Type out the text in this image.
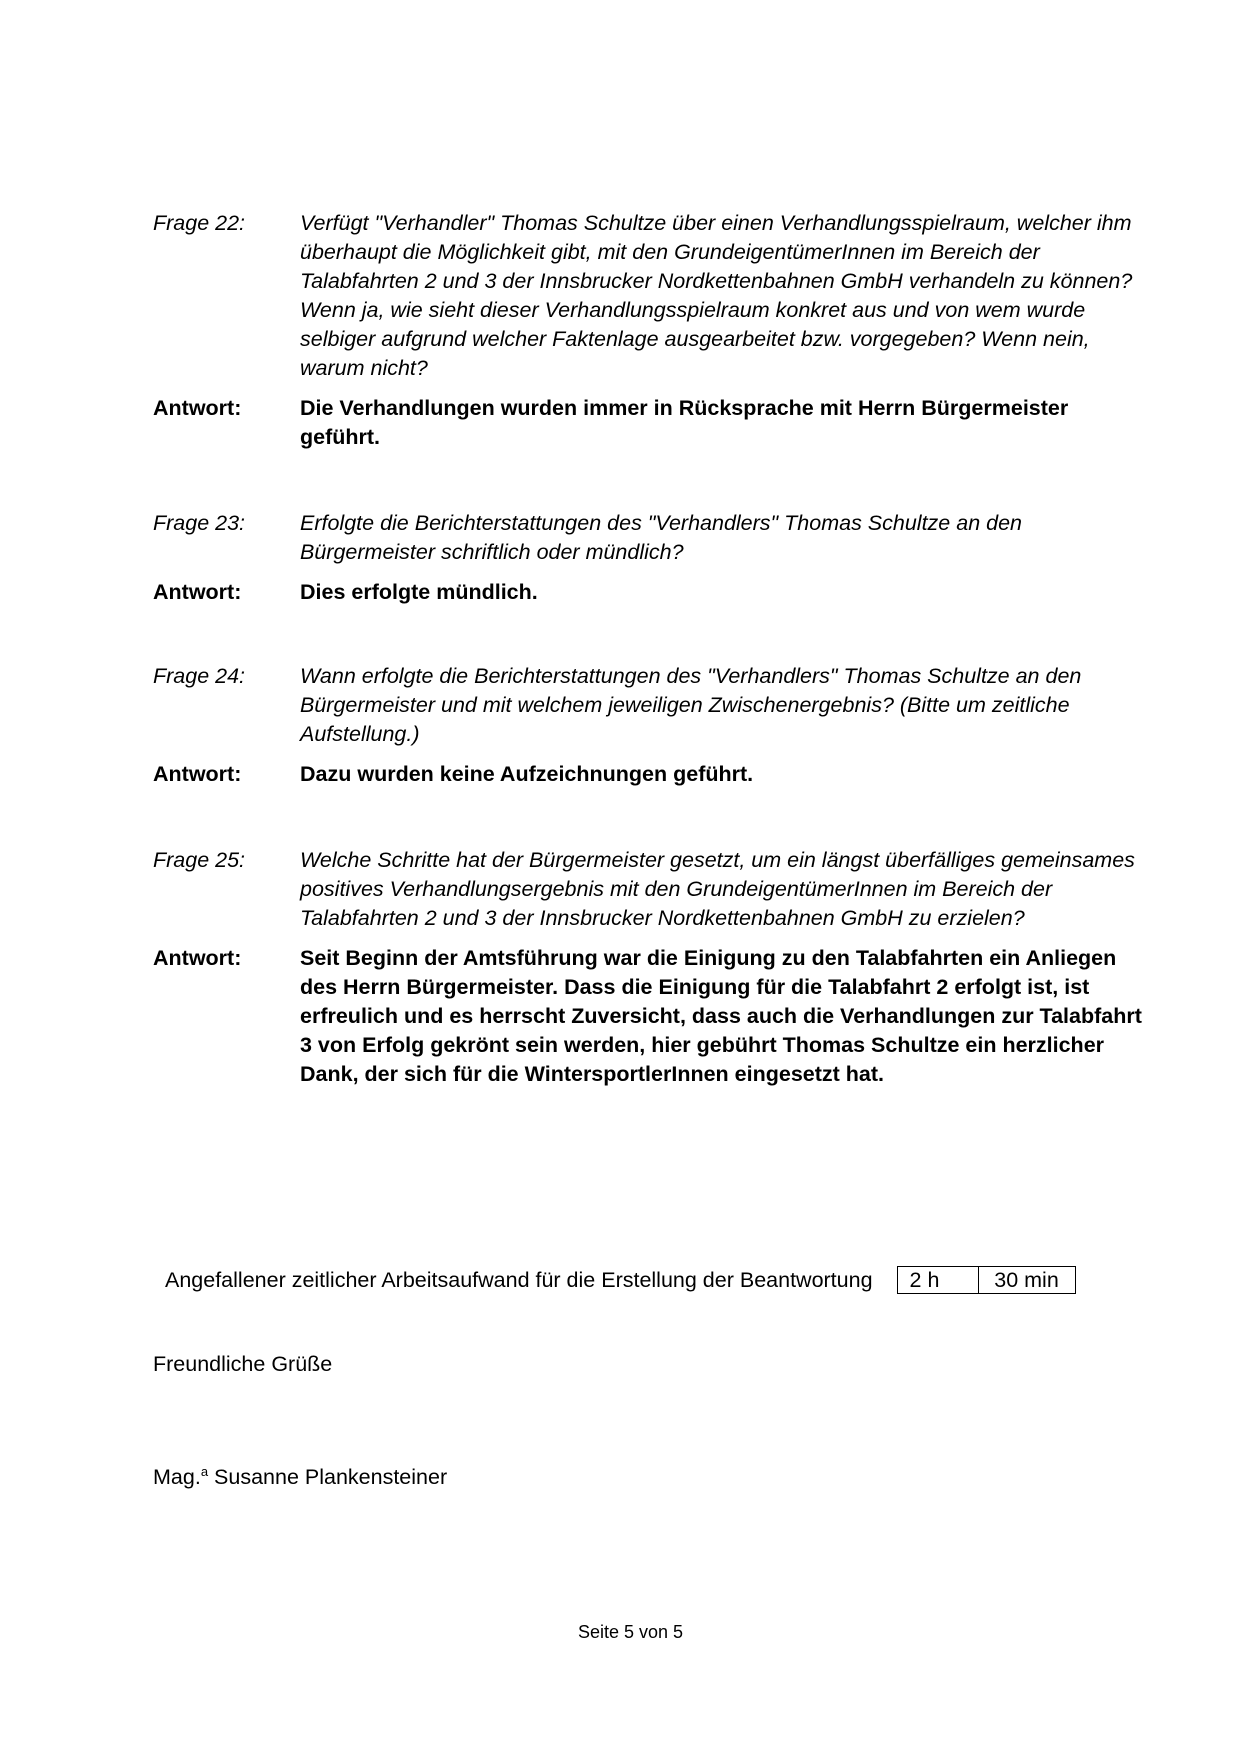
Frage 22:	Verfügt "Verhandler" Thomas Schultze über einen Verhandlungsspielraum, welcher ihm überhaupt die Möglichkeit gibt, mit den GrundeigentümerInnen im Bereich der Talabfahrten 2 und 3 der Innsbrucker Nordkettenbahnen GmbH verhandeln zu können? Wenn ja, wie sieht dieser Verhandlungsspielraum konkret aus und von wem wurde selbiger aufgrund welcher Faktenlage ausgearbeitet bzw. vorgegeben? Wenn nein, warum nicht?
Antwort:	Die Verhandlungen wurden immer in Rücksprache mit Herrn Bürgermeister geführt.
Frage 23:	Erfolgte die Berichterstattungen des "Verhandlers" Thomas Schultze an den Bürgermeister schriftlich oder mündlich?
Antwort:	Dies erfolgte mündlich.
Frage 24:	Wann erfolgte die Berichterstattungen des "Verhandlers" Thomas Schultze an den Bürgermeister und mit welchem jeweiligen Zwischenergebnis? (Bitte um zeitliche Aufstellung.)
Antwort:	Dazu wurden keine Aufzeichnungen geführt.
Frage 25:	Welche Schritte hat der Bürgermeister gesetzt, um ein längst überfälliges gemeinsames positives Verhandlungsergebnis mit den GrundeigentümerInnen im Bereich der Talabfahrten 2 und 3 der Innsbrucker Nordkettenbahnen GmbH zu erzielen?
Antwort:	Seit Beginn der Amtsführung war die Einigung zu den Talabfahrten ein Anliegen des Herrn Bürgermeister. Dass die Einigung für die Talabfahrt 2 erfolgt ist, ist erfreulich und es herrscht Zuversicht, dass auch die Verhandlungen zur Talabfahrt 3 von Erfolg gekrönt sein werden, hier gebührt Thomas Schultze ein herzlicher Dank, der sich für die WintersportlerInnen eingesetzt hat.
Angefallener zeitlicher Arbeitsaufwand für die Erstellung der Beantwortung	2 h	30 min
Freundliche Grüße
Mag.$^a$ Susanne Plankensteiner
Seite 5 von 5
